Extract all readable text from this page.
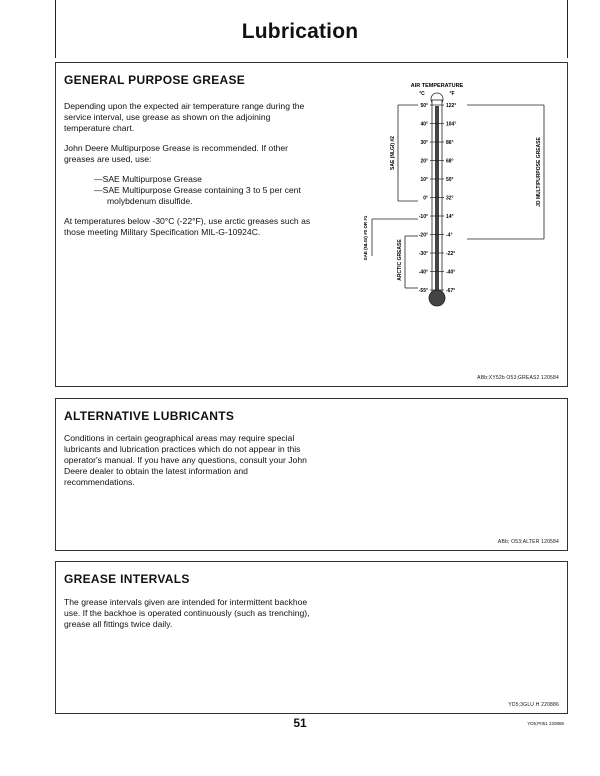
Lubrication
GENERAL PURPOSE GREASE

Depending upon the expected air temperature range during the service interval, use grease as shown on the adjoining temperature chart.

John Deere Multipurpose Grease is recommended. If other greases are used, use:

—SAE Multipurpose Grease
—SAE Multipurpose Grease containing 3 to 5 per cent molybdenum disulfide.

At temperatures below -30°C (-22°F), use arctic greases such as those meeting Military Specification MIL-G-10924C.

AIR TEMPERATURE
°C	°F
50°	122°
40°	104°
30°	86°
20°	68°
10°	50°
0°	32°
-10°	14°
-20°	-4°
-30°	-22°
-40°	-40°
-55°	-67°
SAE (NLGI) #2
SAE (NLGI) #0 OR #1	ARCTIC GREASE
JD MULTIPURPOSE GREASE
ABb;XY52b O53;GREAS2 120584
ALTERNATIVE LUBRICANTS

Conditions in certain geographical areas may require special lubricants and lubrication practices which do not appear in this operator's manual. If you have any questions, consult your John Deere dealer to obtain the latest information and recommendations.

ABb; O53;ALTER 120584
GREASE INTERVALS

The grease intervals given are intended for intermittent backhoe use. If the backhoe is operated continuously (such as trenching), grease all fittings twice daily.

YD5;3GLU H 220886
51	YD5;P051 220886
